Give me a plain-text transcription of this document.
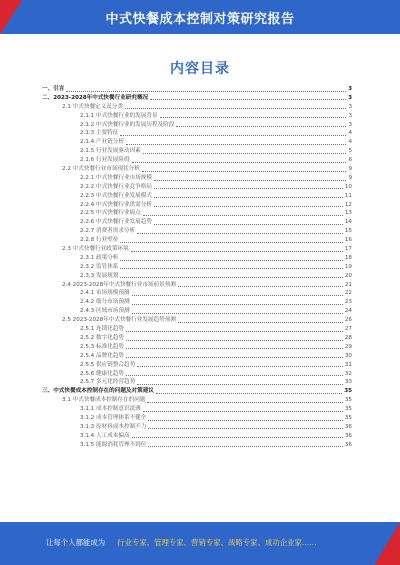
中式快餐成本控制对策研究报告
内容目录
一、引言	3
二、2023-2028年中式快餐行业研究概况	3
2.1 中式快餐定义及分类	3
2.1.1 中式快餐行业的发展背景	3
2.1.2 中式快餐行业的发展历程及阶段	3
2.1.3 主要特征	4
2.1.4 产业链分析	4
2.1.5 行业发展驱动因素	5
2.1.6 行业发展阻碍	6
2.2 中式快餐行业市场现状分析	9
2.2.1 中式快餐行业市场规模	9
2.2.2 中式快餐行业竞争格局	10
2.2.3 中式快餐行业发展模式	11
2.2.4 中式快餐行业供需分析	12
2.2.5 中式快餐行业痛点	13
2.2.6 中式快餐行业发展趋势	14
2.2.7 消费者需求分析	15
2.2.8 行业壁垒	16
2.3 中式快餐行业政策环境	17
2.3.1 政策分析	18
2.3.2 监管体系	19
2.3.3 发展规划	20
2.4 2023-2028年中式快餐行业市场前景预测	21
2.4.1 市场规模预测	22
2.4.2 细分市场预测	23
2.4.3 区域市场预测	24
2.5 2023-2028年中式快餐行业发展趋势预测	26
2.5.1 连锁化趋势	27
2.5.2 数字化趋势	28
2.5.3 标准化趋势	29
2.5.4 品牌化趋势	30
2.5.5 供应链整合趋势	31
2.5.6 健康化趋势	32
2.5.7 多元化经营趋势	33
三、中式快餐成本控制存在的问题及对策建议	35
3.1 中式快餐成本控制存在的问题	35
3.1.1 成本控制意识淡薄	35
3.1.2 成本管理体系不健全	35
3.1.3 原材料成本控制不力	36
3.1.4 人工成本偏高	36
3.1.5 能源消耗管理不到位	36
让每个人都能成为 行业专家、管理专家、营销专家、战略专家、成功企业家……
